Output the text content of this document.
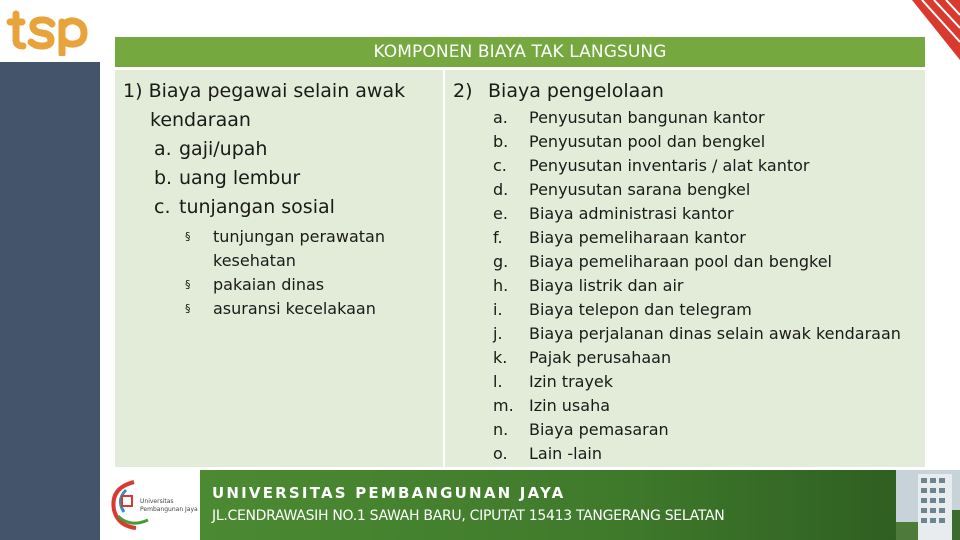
KOMPONEN BIAYA TAK LANGSUNG
1) Biaya pegawai selain awak
kendaraan
a. gaji/upah
b. uang lembur
c. tunjangan sosial
§	tunjungan perawatan kesehatan
§	pakaian dinas
§	asuransi kecelakaan
2) Biaya pengelolaan
a.	Penyusutan bangunan kantor
b.	Penyusutan pool dan bengkel
c.	Penyusutan inventaris / alat kantor
d.	Penyusutan sarana bengkel
e.	Biaya administrasi kantor
f.	Biaya pemeliharaan kantor
g.	Biaya pemeliharaan pool dan bengkel
h.	Biaya listrik dan air
i.	Biaya telepon dan telegram
j.	Biaya perjalanan dinas selain awak kendaraan
k.	Pajak perusahaan
l.	Izin trayek
m. Izin usaha
n.	Biaya pemasaran
o.	Lain -lain
Universitas Pembangunan Jaya
UNIVERSITAS PEMBANGUNAN JAYA
JL.CENDRAWASIH NO.1 SAWAH BARU, CIPUTAT 15413 TANGERANG SELATAN
